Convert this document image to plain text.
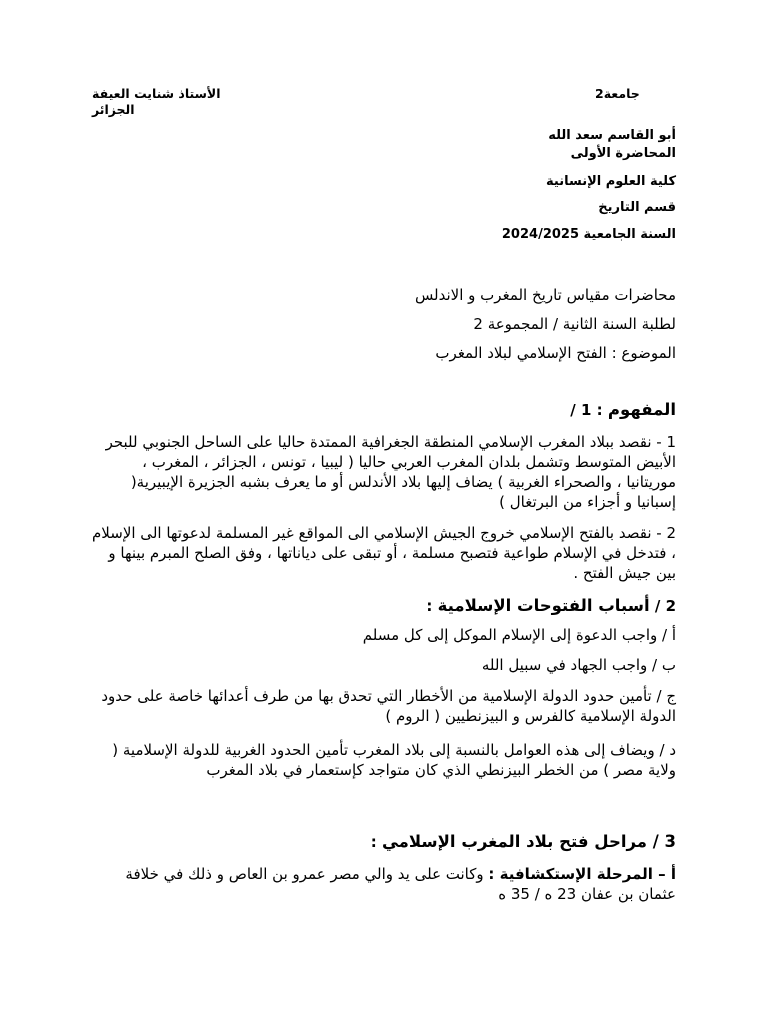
الأستاذ شنايت العيفة	جامعة2
الجزائر
أبو القاسم سعد الله
المحاضرة الأولى
كلية العلوم الإنسانية
قسم التاريخ
السنة الجامعية 2024/2025
محاضرات مقياس تاريخ المغرب و الاندلس
لطلبة السنة الثانية / المجموعة 2
الموضوع : الفتح الإسلامي لبلاد المغرب
المفهوم : 1 /
1 - نقصد ببلاد المغرب الإسلامي المنطقة الجغرافية الممتدة حاليا على الساحل الجنوبي للبحر الأبيض المتوسط وتشمل بلدان المغرب العربي حاليا ( ليبيا ، تونس ، الجزائر ، المغرب ، موريتانيا ، والصحراء الغربية ) يضاف إليها بلاد الأندلس أو ما يعرف بشبه الجزيرة الإيبيرية( إسبانيا و أجزاء من البرتغال )
2 - نقصد بالفتح الإسلامي خروج الجيش الإسلامي الى المواقع غير المسلمة لدعوتها الى الإسلام ، فتدخل في الإسلام طواعية فتصبح مسلمة ، أو تبقى على دياناتها ، وفق الصلح المبرم بينها و بين جيش الفتح .
2 / أسباب الفتوحات الإسلامية :
أ / واجب الدعوة إلى الإسلام الموكل إلى كل مسلم
ب / واجب الجهاد في سبيل الله
ج / تأمين حدود الدولة الإسلامية من الأخطار التي تحدق بها من طرف أعدائها خاصة على حدود الدولة الإسلامية كالفرس و البيزنطيين ( الروم )
د / ويضاف إلى هذه العوامل بالنسبة إلى بلاد المغرب تأمين الحدود الغربية للدولة الإسلامية ( ولاية مصر ) من الخطر البيزنطي الذي كان متواجد كإستعمار في بلاد المغرب
3 / مراحل فتح بلاد المغرب الإسلامي :
أ – المرحلة الإستكشافية : وكانت على يد والي مصر عمرو بن العاص و ذلك في خلافة عثمان بن عفان 23 ه / 35 ه
